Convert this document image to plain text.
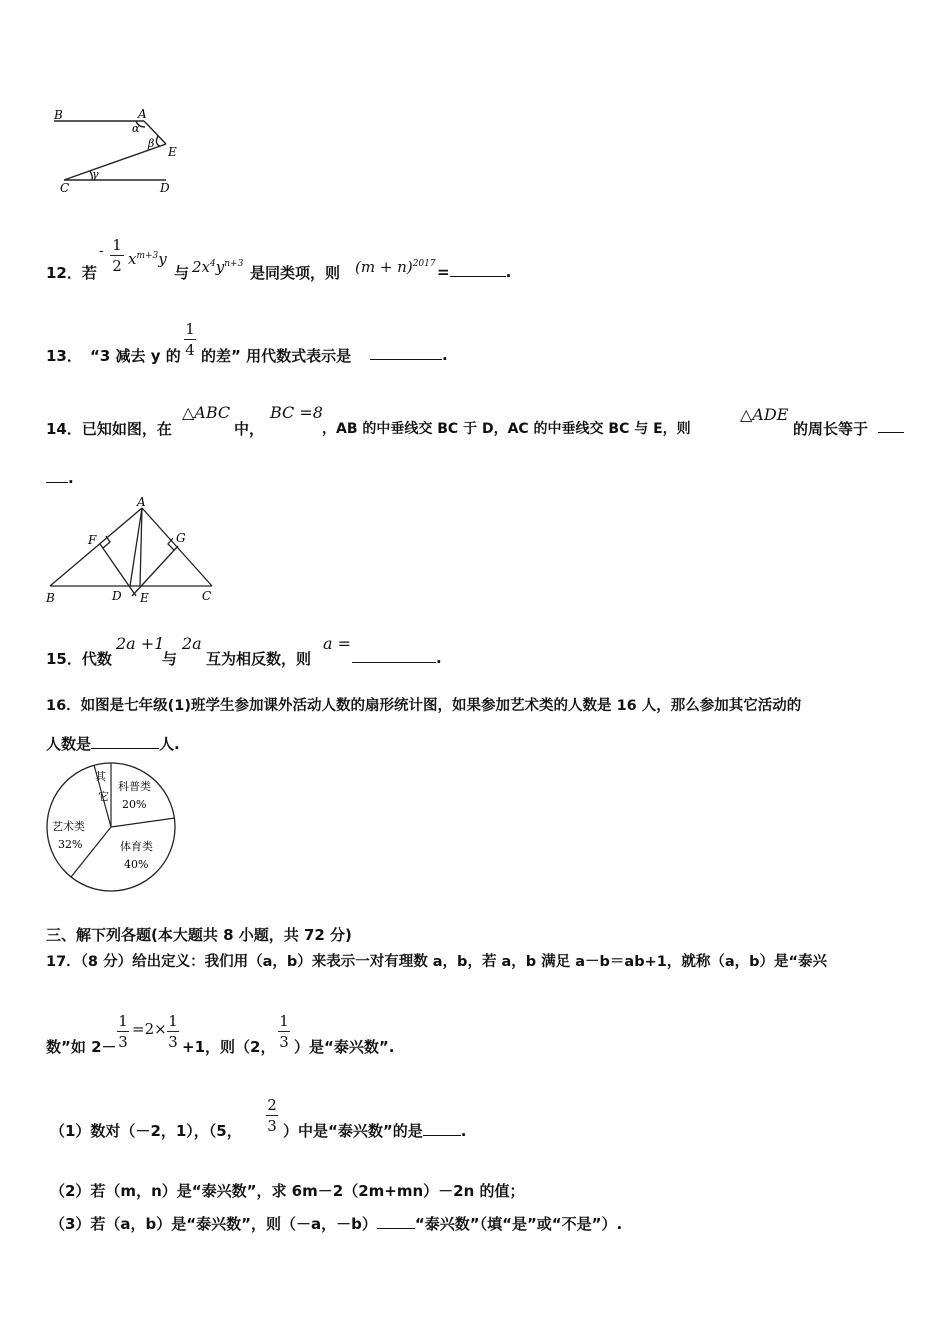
B	A
α
β
E
C
γ
D
12．若
- 1
2 $x^{m+3}y$
与 $2x^4y^{n+3}$ 是同类项，则 $(m + n)^{2017}$ =	.
13． “3 减去 y 的
1
4 的差” 用代数式表示是	.
14．已知如图，在
△ABC
中，
BC =8
，AB 的中垂线交 BC 于 D，AC 的中垂线交 BC 与 E，则
△ADE
的周长等于
.
A
F	G
B	D E	C
15．代数
2a +1
与
2a
互为相反数，则
a =
.
16．如图是七年级(1)班学生参加课外活动人数的扇形统计图，如果参加艺术类的人数是 16 人，那么参加其它活动的
人数是	人.
科普类
20%
体育类
40%
艺术类
32%
其
它
三、解下列各题(本大题共 8 小题，共 72 分)
17．（8 分）给出定义：我们用（a，b）来表示一对有理数 a，b，若 a，b 满足 a－b＝ab+1，就称（a，b）是“泰兴
数”如 2－
1
3
=2× 1
3 +1，则（2，
1
3 ）是“泰兴数”.
（1）数对（－2，1），（5，
2
3 ）中是“泰兴数”的是	.
（2）若（m，n）是“泰兴数”，求 6m－2（2m+mn）－2n 的值；
（3）若（a，b）是“泰兴数”，则（－a，－b）	“泰兴数”（填“是”或“不是”）.
